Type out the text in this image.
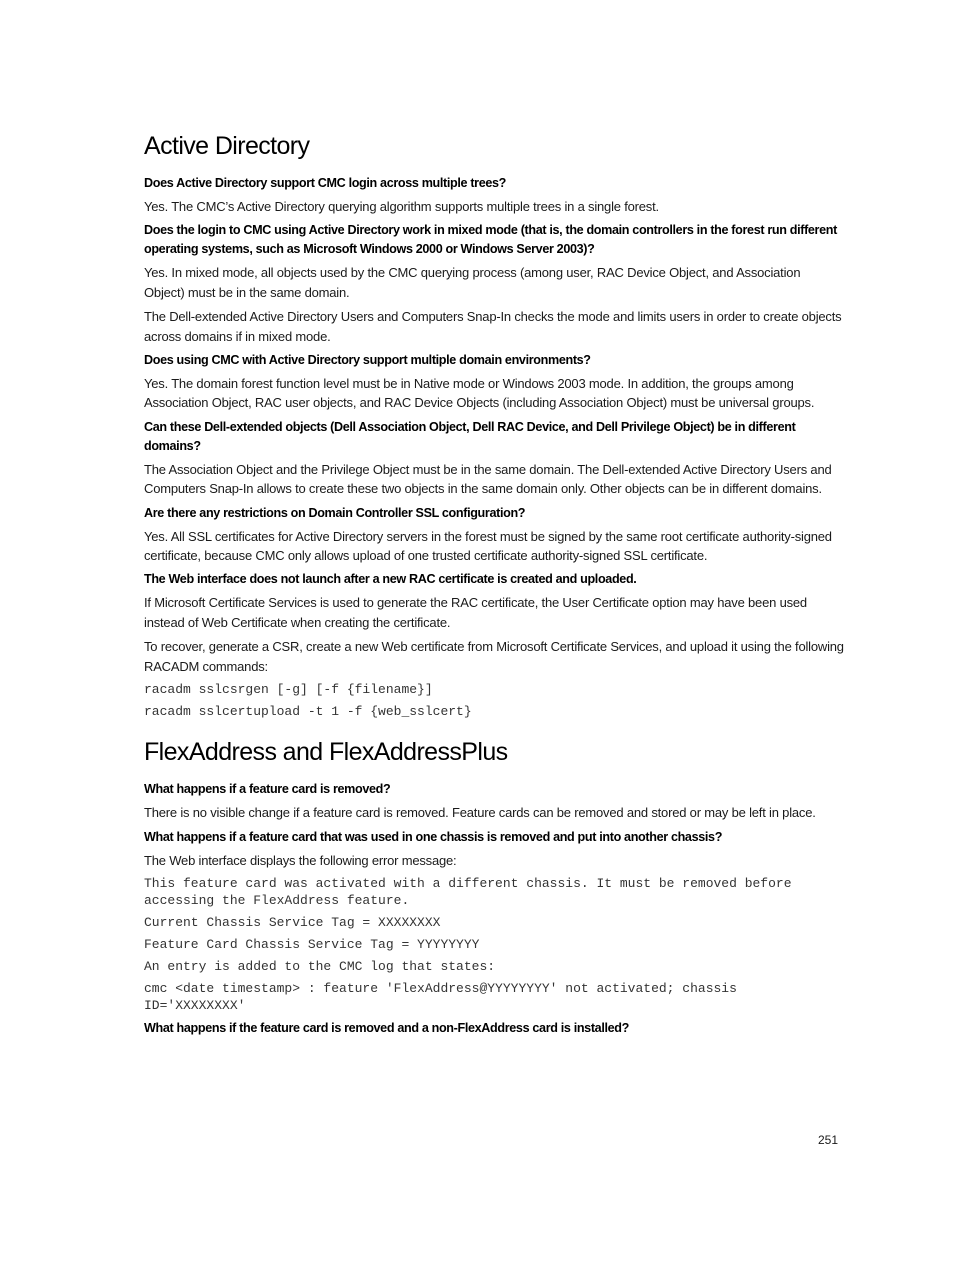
Active Directory

Does Active Directory support CMC login across multiple trees?

Yes. The CMC’s Active Directory querying algorithm supports multiple trees in a single forest.

Does the login to CMC using Active Directory work in mixed mode (that is, the domain controllers in the forest run different operating systems, such as Microsoft Windows 2000 or Windows Server 2003)?

Yes. In mixed mode, all objects used by the CMC querying process (among user, RAC Device Object, and Association Object) must be in the same domain.

The Dell-extended Active Directory Users and Computers Snap-In checks the mode and limits users in order to create objects across domains if in mixed mode.

Does using CMC with Active Directory support multiple domain environments?

Yes. The domain forest function level must be in Native mode or Windows 2003 mode. In addition, the groups among Association Object, RAC user objects, and RAC Device Objects (including Association Object) must be universal groups.

Can these Dell-extended objects (Dell Association Object, Dell RAC Device, and Dell Privilege Object) be in different domains?

The Association Object and the Privilege Object must be in the same domain. The Dell-extended Active Directory Users and Computers Snap-In allows to create these two objects in the same domain only. Other objects can be in different domains.

Are there any restrictions on Domain Controller SSL configuration?

Yes. All SSL certificates for Active Directory servers in the forest must be signed by the same root certificate authority-signed certificate, because CMC only allows upload of one trusted certificate authority-signed SSL certificate.

The Web interface does not launch after a new RAC certificate is created and uploaded.

If Microsoft Certificate Services is used to generate the RAC certificate, the User Certificate option may have been used instead of Web Certificate when creating the certificate.

To recover, generate a CSR, create a new Web certificate from Microsoft Certificate Services, and upload it using the following RACADM commands:

racadm sslcsrgen [-g] [-f {filename}]

racadm sslcertupload -t 1 -f {web_sslcert}

FlexAddress and FlexAddressPlus

What happens if a feature card is removed?

There is no visible change if a feature card is removed. Feature cards can be removed and stored or may be left in place.

What happens if a feature card that was used in one chassis is removed and put into another chassis?

The Web interface displays the following error message:

This feature card was activated with a different chassis. It must be removed before accessing the FlexAddress feature.

Current Chassis Service Tag = XXXXXXXX

Feature Card Chassis Service Tag = YYYYYYYY

An entry is added to the CMC log that states:

cmc <date timestamp> : feature 'FlexAddress@YYYYYYYY' not activated; chassis ID='XXXXXXXX'

What happens if the feature card is removed and a non-FlexAddress card is installed?

251
